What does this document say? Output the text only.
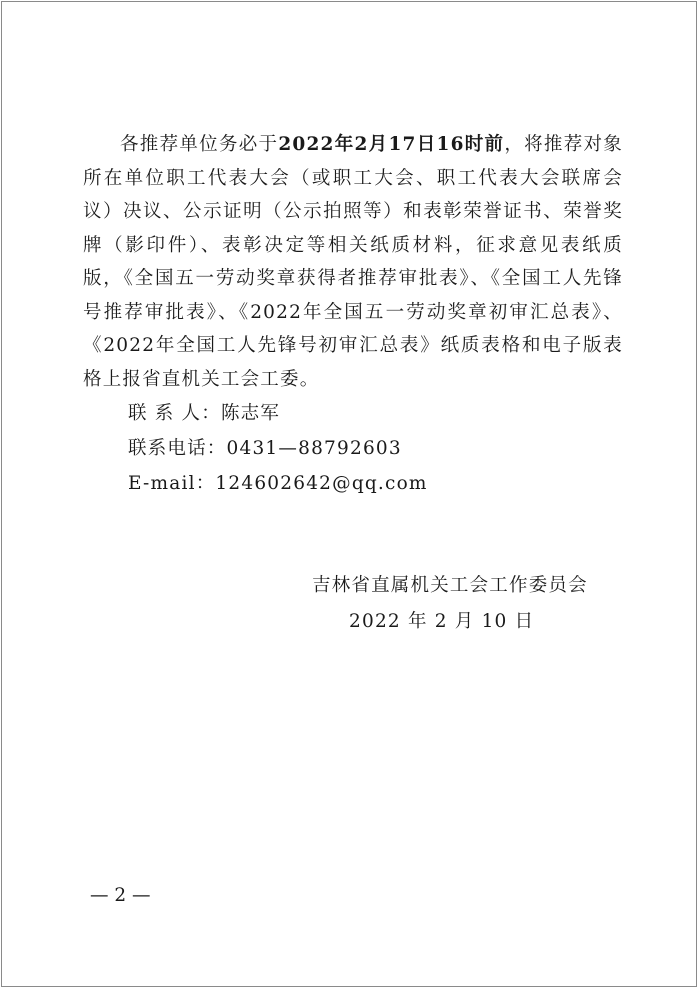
各推荐单位务必于2022年2月17日16时前，将推荐对象所在单位职工代表大会（或职工大会、职工代表大会联席会议）决议、公示证明（公示拍照等）和表彰荣誉证书、荣誉奖牌（影印件）、表彰决定等相关纸质材料，征求意见表纸质版，《全国五一劳动奖章获得者推荐审批表》、《全国工人先锋号推荐审批表》、《2022年全国五一劳动奖章初审汇总表》、《2022年全国工人先锋号初审汇总表》纸质表格和电子版表格上报省直机关工会工委。

联 系 人：陈志军

联系电话：0431—88792603

E-mail：124602642@qq.com

吉林省直属机关工会工作委员会
2022 年 2 月 10 日
— 2 —
